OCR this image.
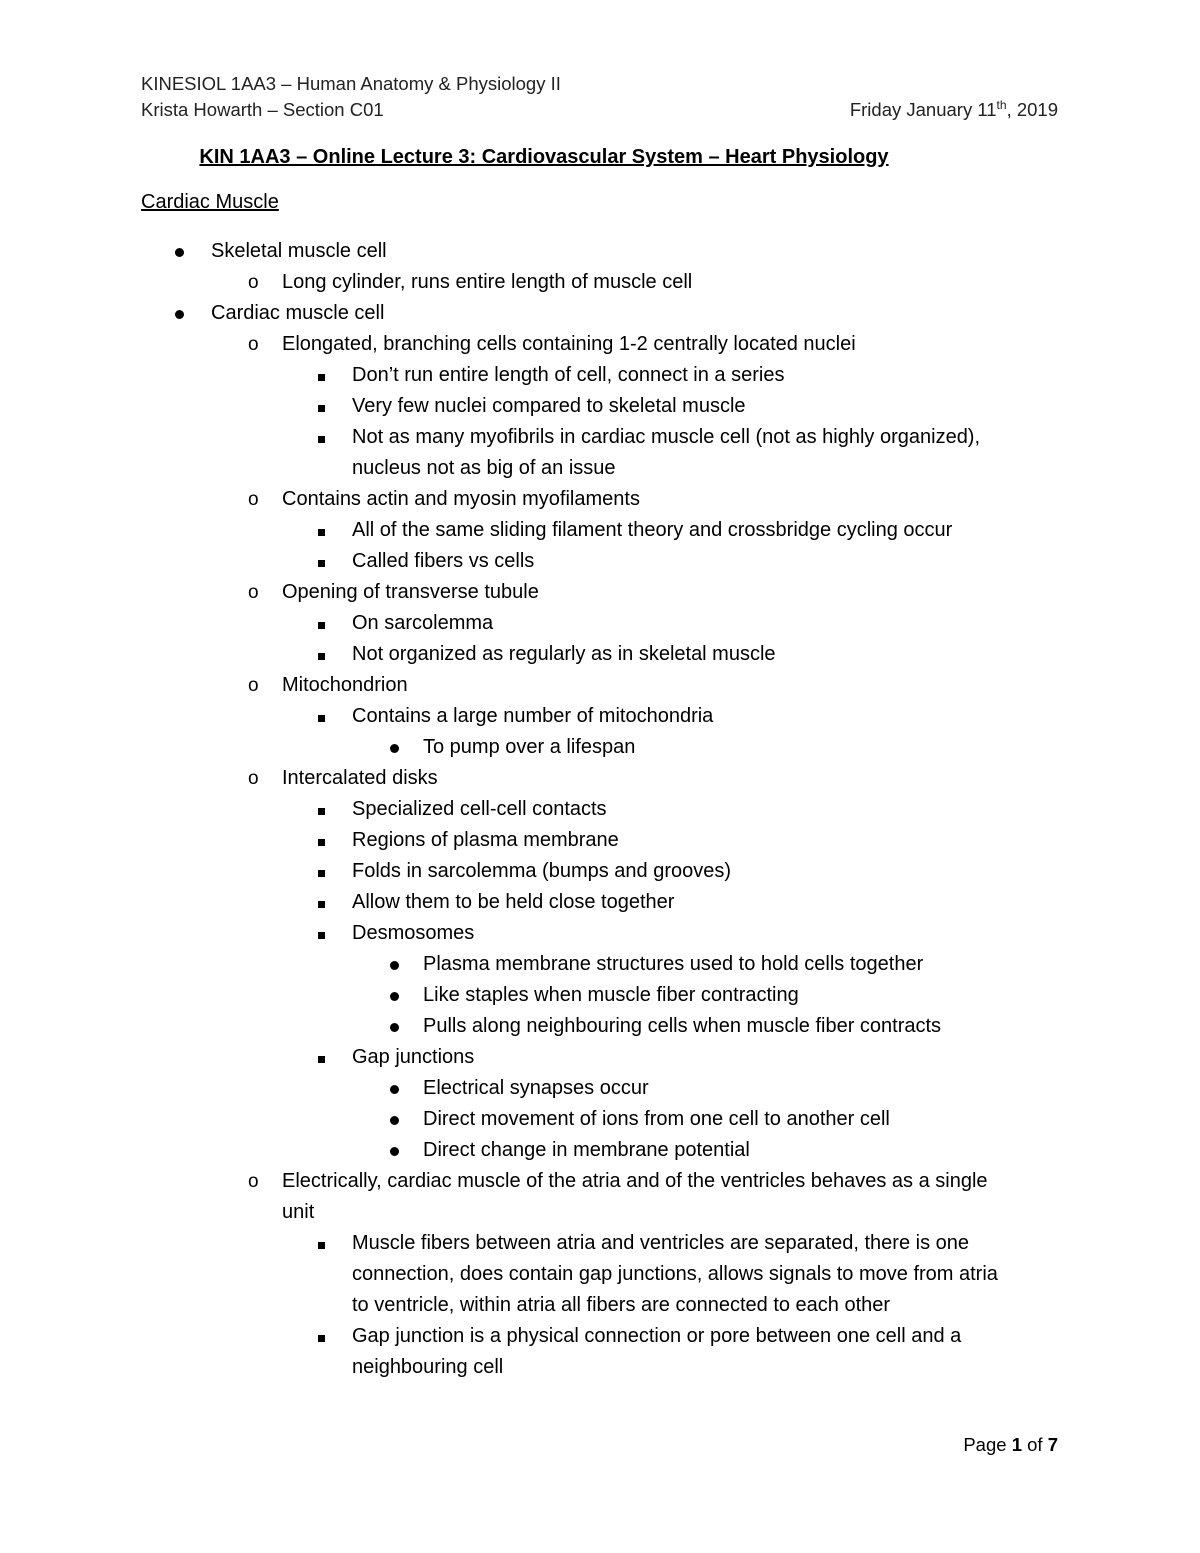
KINESIOL 1AA3 – Human Anatomy & Physiology II
Krista Howarth – Section C01	Friday January 11th, 2019
KIN 1AA3 – Online Lecture 3: Cardiovascular System – Heart Physiology
Cardiac Muscle
Skeletal muscle cell
o Long cylinder, runs entire length of muscle cell
Cardiac muscle cell
o Elongated, branching cells containing 1-2 centrally located nuclei
Don’t run entire length of cell, connect in a series
Very few nuclei compared to skeletal muscle
Not as many myofibrils in cardiac muscle cell (not as highly organized),
nucleus not as big of an issue
o Contains actin and myosin myofilaments
All of the same sliding filament theory and crossbridge cycling occur
Called fibers vs cells
o Opening of transverse tubule
On sarcolemma
Not organized as regularly as in skeletal muscle
o Mitochondrion
Contains a large number of mitochondria
To pump over a lifespan
o Intercalated disks
Specialized cell-cell contacts
Regions of plasma membrane
Folds in sarcolemma (bumps and grooves)
Allow them to be held close together
Desmosomes
Plasma membrane structures used to hold cells together
Like staples when muscle fiber contracting
Pulls along neighbouring cells when muscle fiber contracts
Gap junctions
Electrical synapses occur
Direct movement of ions from one cell to another cell
Direct change in membrane potential
o Electrically, cardiac muscle of the atria and of the ventricles behaves as a single
unit
Muscle fibers between atria and ventricles are separated, there is one
connection, does contain gap junctions, allows signals to move from atria
to ventricle, within atria all fibers are connected to each other
Gap junction is a physical connection or pore between one cell and a
neighbouring cell
Page 1 of 7
